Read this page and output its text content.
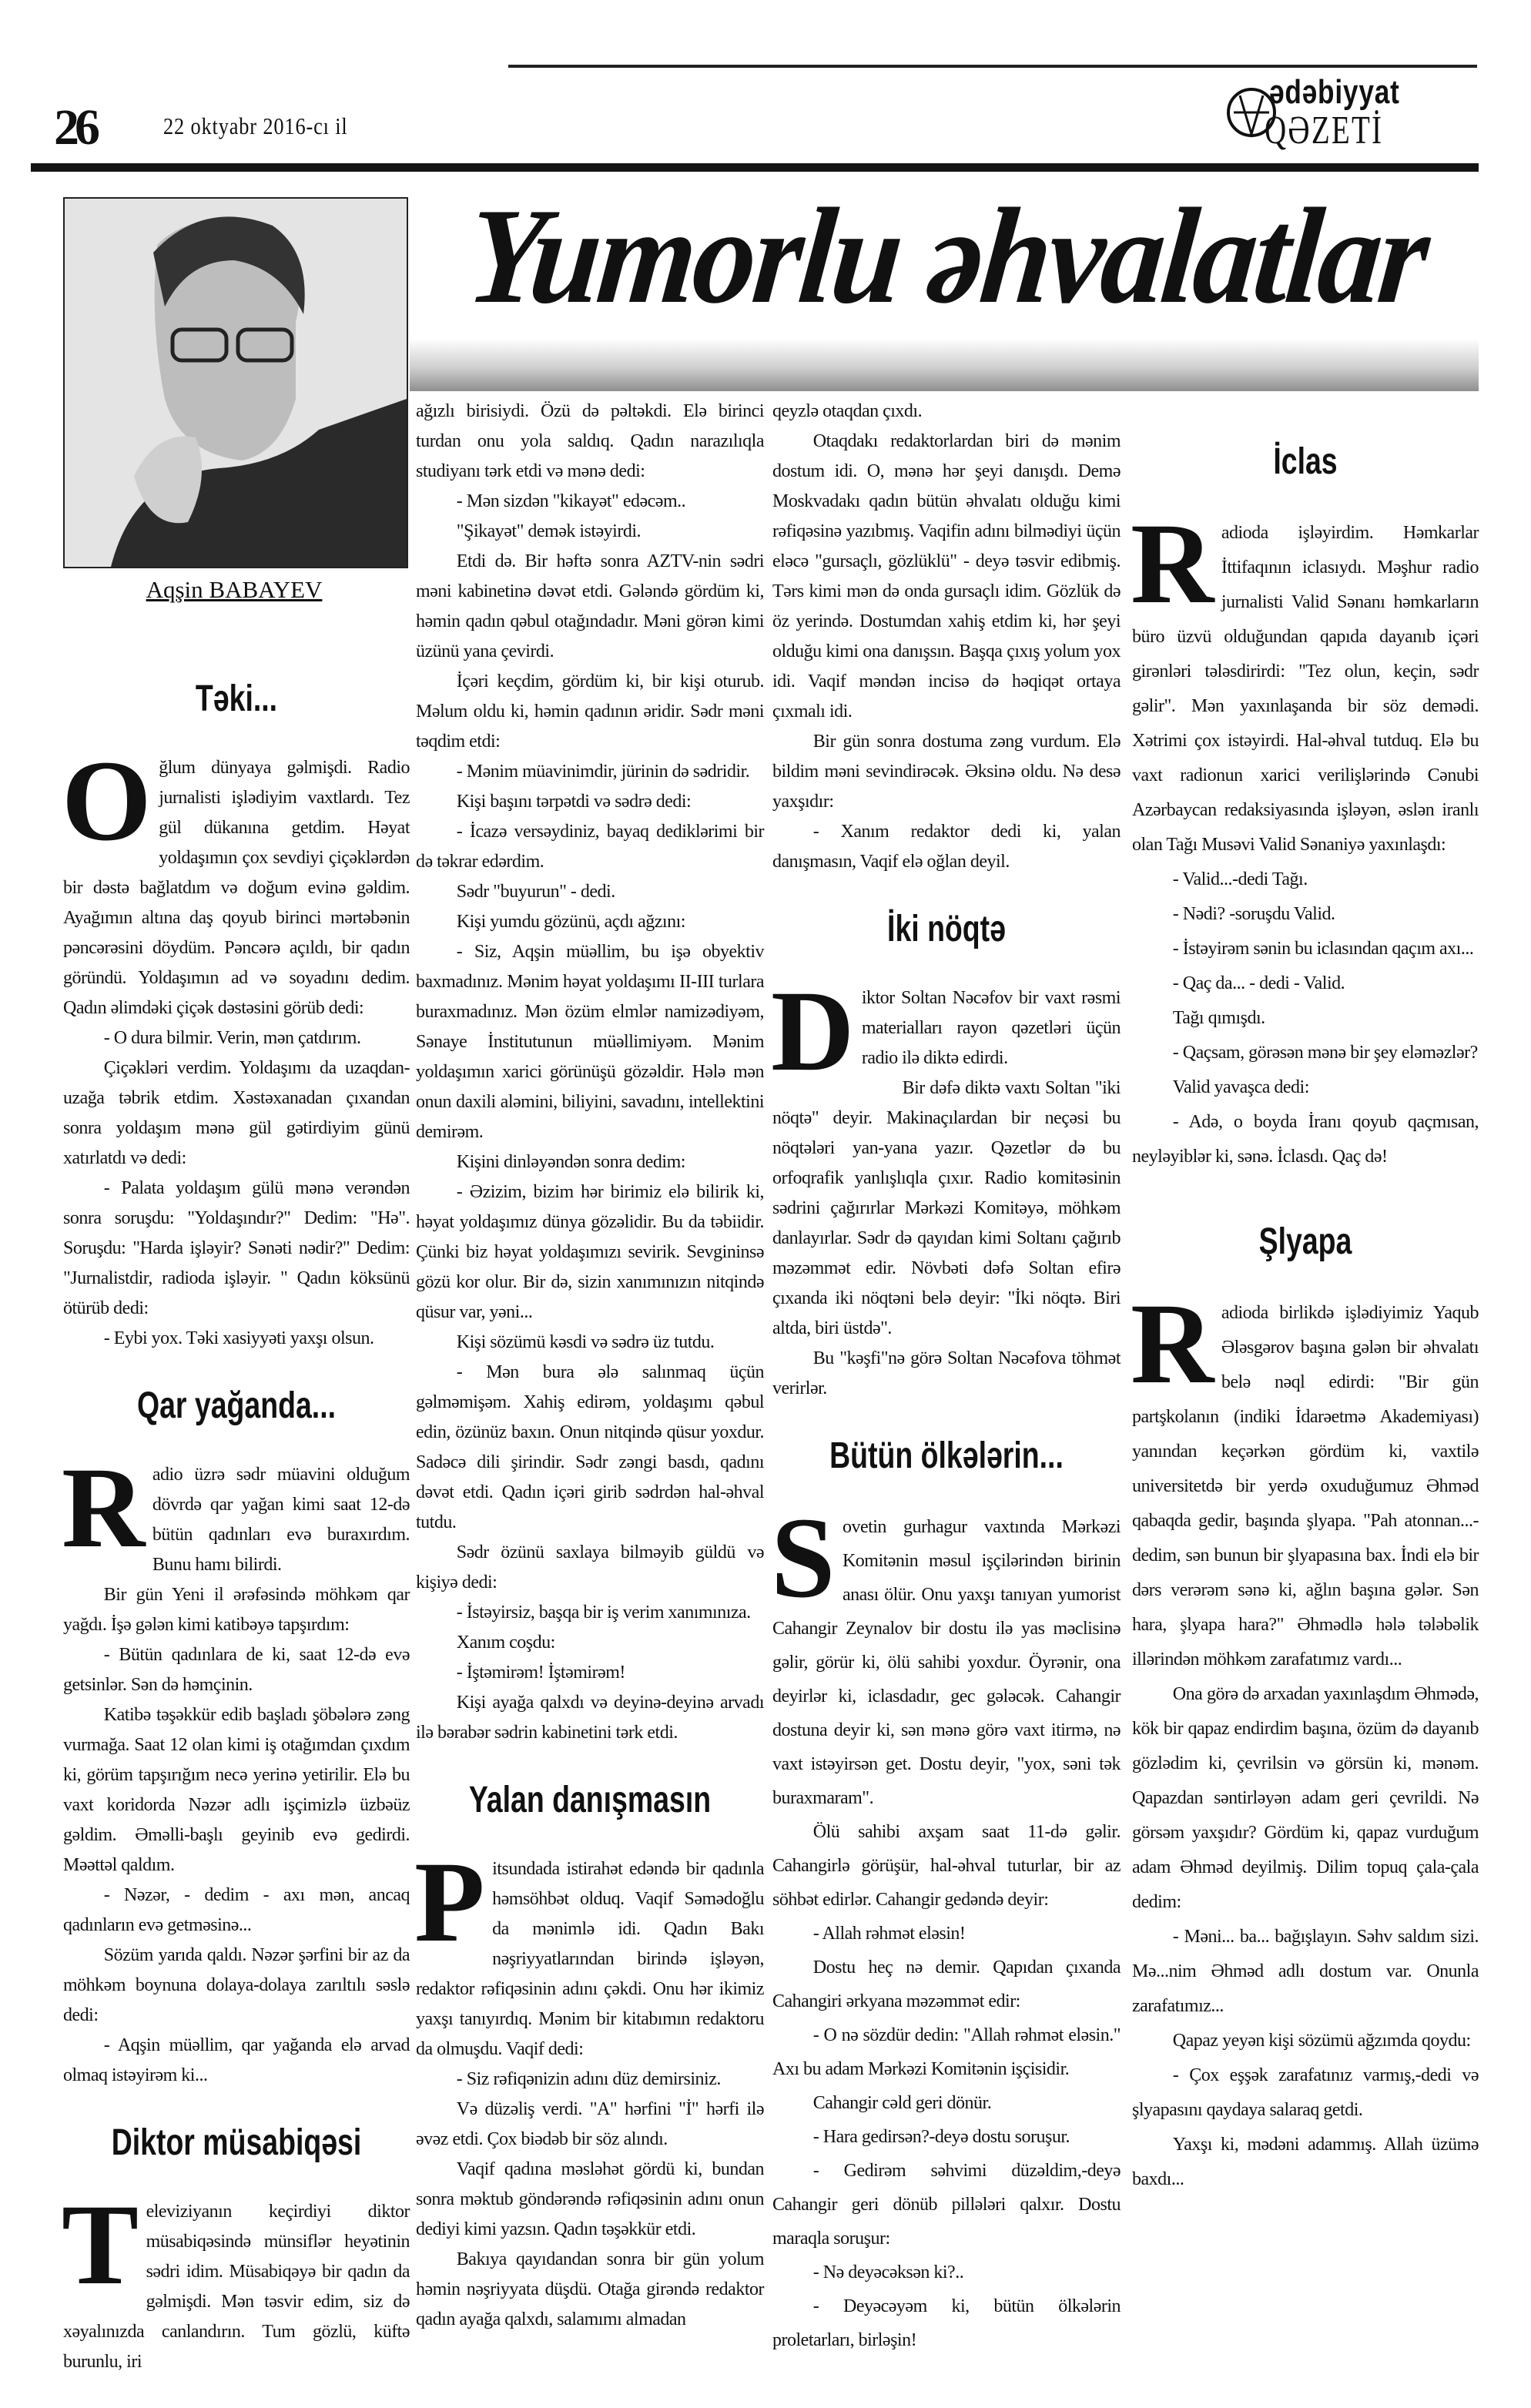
26	22 oktyabr 2016-cı il
ədəbiyyat
QƏZETİ
Aqşin BABAYEV
Yumorlu əhvalatlar
Təki...

Oğlum dünyaya gəlmişdi. Radio jurnalisti işlədiyim vaxtlardı. Tez gül dükanına getdim. Həyat yoldaşımın çox sevdiyi çiçəklərdən bir dəstə bağlatdım və doğum evinə gəldim. Ayağımın altına daş qoyub birinci mərtəbənin pəncərəsini döydüm. Pəncərə açıldı, bir qadın göründü. Yoldaşımın ad və soyadını dedim. Qadın əlimdəki çiçək dəstəsini görüb dedi:

- O dura bilmir. Verin, mən çatdırım.

Çiçəkləri verdim. Yoldaşımı da uzaqdan-uzağa təbrik etdim. Xəstəxanadan çıxandan sonra yoldaşım mənə gül gətirdiyim günü xatırlatdı və dedi:

- Palata yoldaşım gülü mənə verəndən sonra soruşdu: "Yoldaşındır?" Dedim: "Hə". Soruşdu: "Harda işləyir? Sənəti nədir?" Dedim: "Jurnalistdir, radioda işləyir. " Qadın köksünü ötürüb dedi:

- Eybi yox. Təki xasiyyəti yaxşı olsun.

Qar yağanda...

Radio üzrə sədr müavini olduğum dövrdə qar yağan kimi saat 12-də bütün qadınları evə buraxırdım. Bunu hamı bilirdi.

Bir gün Yeni il ərəfəsində möhkəm qar yağdı. İşə gələn kimi katibəyə tapşırdım:

- Bütün qadınlara de ki, saat 12-də evə getsinlər. Sən də həmçinin.

Katibə təşəkkür edib başladı şöbələrə zəng vurmağa. Saat 12 olan kimi iş otağımdan çıxdım ki, görüm tapşırığım necə yerinə yetirilir. Elə bu vaxt koridorda Nəzər adlı işçimizlə üzbəüz gəldim. Əməlli-başlı geyinib evə gedirdi. Məəttəl qaldım.

- Nəzər, - dedim - axı mən, ancaq qadınların evə getməsinə...

Sözüm yarıda qaldı. Nəzər şərfini bir az da möhkəm boynuna dolaya-dolaya zarıltılı səslə dedi:

- Aqşin müəllim, qar yağanda elə arvad olmaq istəyirəm ki...

Diktor müsabiqəsi

Televiziyanın keçirdiyi diktor müsabiqəsində münsiflər heyətinin sədri idim. Müsabiqəyə bir qadın da gəlmişdi. Mən təsvir edim, siz də xəyalınızda canlandırın. Tum gözlü, küftə burunlu, iri

ağızlı birisiydi. Özü də pəltəkdi. Elə birinci turdan onu yola saldıq. Qadın narazılıqla studiyanı tərk etdi və mənə dedi:

- Mən sizdən "kikayət" edəcəm..

"Şikayət" demək istəyirdi.

Etdi də. Bir həftə sonra AZTV-nin sədri məni kabinetinə dəvət etdi. Gələndə gördüm ki, həmin qadın qəbul otağındadır. Məni görən kimi üzünü yana çevirdi.

İçəri keçdim, gördüm ki, bir kişi oturub. Məlum oldu ki, həmin qadının əridir. Sədr məni təqdim etdi:

- Mənim müavinimdir, jürinin də sədridir.

Kişi başını tərpətdi və sədrə dedi:

- İcazə versəydiniz, bayaq dediklərimi bir də təkrar edərdim.

Sədr "buyurun" - dedi.

Kişi yumdu gözünü, açdı ağzını:

- Siz, Aqşin müəllim, bu işə obyektiv baxmadınız. Mənim həyat yoldaşımı II-III turlara buraxmadınız. Mən özüm elmlər namizədiyəm, Sənaye İnstitutunun müəllimiyəm. Mənim yoldaşımın xarici görünüşü gözəldir. Hələ mən onun daxili aləmini, biliyini, savadını, intellektini demirəm.

Kişini dinləyəndən sonra dedim:

- Əzizim, bizim hər birimiz elə bilirik ki, həyat yoldaşımız dünya gözəlidir. Bu da təbiidir. Çünki biz həyat yoldaşımızı sevirik. Sevgininsə gözü kor olur. Bir də, sizin xanımınızın nitqində qüsur var, yəni...

Kişi sözümü kəsdi və sədrə üz tutdu.

- Mən bura ələ salınmaq üçün gəlməmişəm. Xahiş edirəm, yoldaşımı qəbul edin, özünüz baxın. Onun nitqində qüsur yoxdur. Sadəcə dili şirindir. Sədr zəngi basdı, qadını dəvət etdi. Qadın içəri girib sədrdən hal-əhval tutdu.

Sədr özünü saxlaya bilməyib güldü və kişiyə dedi:

- İstəyirsiz, başqa bir iş verim xanımınıza.

Xanım coşdu:

- İştəmirəm! İştəmirəm!

Kişi ayağa qalxdı və deyinə-deyinə arvadı ilə bərabər sədrin kabinetini tərk etdi.

Yalan danışmasın

Pitsundada istirahət edəndə bir qadınla həmsöhbət olduq. Vaqif Səmədoğlu da mənimlə idi. Qadın Bakı nəşriyyatlarından birində işləyən, redaktor rəfiqəsinin adını çəkdi. Onu hər ikimiz yaxşı tanıyırdıq. Mənim bir kitabımın redaktoru da olmuşdu. Vaqif dedi:

- Siz rəfiqənizin adını düz demirsiniz.

Və düzəliş verdi. "A" hərfini "İ" hərfi ilə əvəz etdi. Çox biədəb bir söz alındı.

Vaqif qadına məsləhət gördü ki, bundan sonra məktub göndərəndə rəfiqəsinin adını onun dediyi kimi yazsın. Qadın təşəkkür etdi.

Bakıya qayıdandan sonra bir gün yolum həmin nəşriyyata düşdü. Otağa girəndə redaktor qadın ayağa qalxdı, salamımı almadan

qeyzlə otaqdan çıxdı.

Otaqdakı redaktorlardan biri də mənim dostum idi. O, mənə hər şeyi danışdı. Demə Moskvadakı qadın bütün əhvalatı olduğu kimi rəfiqəsinə yazıbmış. Vaqifin adını bilmədiyi üçün eləcə "gursaçlı, gözlüklü" - deyə təsvir edibmiş. Tərs kimi mən də onda gursaçlı idim. Gözlük də öz yerində. Dostumdan xahiş etdim ki, hər şeyi olduğu kimi ona danışsın. Başqa çıxış yolum yox idi. Vaqif məndən incisə də həqiqət ortaya çıxmalı idi.

Bir gün sonra dostuma zəng vurdum. Elə bildim məni sevindirəcək. Əksinə oldu. Nə desə yaxşıdır:

- Xanım redaktor dedi ki, yalan danışmasın, Vaqif elə oğlan deyil.

İki nöqtə

Diktor Soltan Nəcəfov bir vaxt rəsmi materialları rayon qəzetləri üçün radio ilə diktə edirdi.

Bir dəfə diktə vaxtı Soltan "iki nöqtə" deyir. Makinaçılardan bir neçəsi bu nöqtələri yan-yana yazır. Qəzetlər də bu orfoqrafik yanlışlıqla çıxır. Radio komitəsinin sədrini çağırırlar Mərkəzi Komitəyə, möhkəm danlayırlar. Sədr də qayıdan kimi Soltanı çağırıb məzəmmət edir. Növbəti dəfə Soltan efirə çıxanda iki nöqtəni belə deyir: "İki nöqtə. Biri altda, biri üstdə".

Bu "kəşfi"nə görə Soltan Nəcəfova töhmət verirlər.

Bütün ölkələrin...

Sovetin gurhagur vaxtında Mərkəzi Komitənin məsul işçilərindən birinin anası ölür. Onu yaxşı tanıyan yumorist Cahangir Zeynalov bir dostu ilə yas məclisinə gəlir, görür ki, ölü sahibi yoxdur. Öyrənir, ona deyirlər ki, iclasdadır, gec gələcək. Cahangir dostuna deyir ki, sən mənə görə vaxt itirmə, nə vaxt istəyirsən get. Dostu deyir, "yox, səni tək buraxmaram".

Ölü sahibi axşam saat 11-də gəlir. Cahangirlə görüşür, hal-əhval tuturlar, bir az söhbət edirlər. Cahangir gedəndə deyir:

- Allah rəhmət eləsin!

Dostu heç nə demir. Qapıdan çıxanda Cahangiri ərkyana məzəmmət edir:

- O nə sözdür dedin: "Allah rəhmət eləsin." Axı bu adam Mərkəzi Komitənin işçisidir.

Cahangir cəld geri dönür.

- Hara gedirsən?-deyə dostu soruşur.

- Gedirəm səhvimi düzəldim,-deyə Cahangir geri dönüb pillələri qalxır. Dostu maraqla soruşur:

- Nə deyəcəksən ki?..

- Deyəcəyəm ki, bütün ölkələrin proletarları, birləşin!

İclas

Radioda işləyirdim. Həmkarlar İttifaqının iclasıydı. Məşhur radio jurnalisti Valid Sənanı həmkarların büro üzvü olduğundan qapıda dayanıb içəri girənləri tələsdirirdi: "Tez olun, keçin, sədr gəlir". Mən yaxınlaşanda bir söz demədi. Xətrimi çox istəyirdi. Hal-əhval tutduq. Elə bu vaxt radionun xarici verilişlərində Cənubi Azərbaycan redaksiyasında işləyən, əslən iranlı olan Tağı Musəvi Valid Sənaniyə yaxınlaşdı:

- Valid...-dedi Tağı.

- Nədi? -soruşdu Valid.

- İstəyirəm sənin bu iclasından qaçım axı...

- Qaç da... - dedi - Valid.

Tağı qımışdı.

- Qaçsam, görəsən mənə bir şey eləməzlər?

Valid yavaşca dedi:

- Adə, o boyda İranı qoyub qaçmısan, neyləyiblər ki, sənə. İclasdı. Qaç də!

Şlyapa

Radioda birlikdə işlədiyimiz Yaqub Ələsgərov başına gələn bir əhvalatı belə nəql edirdi: "Bir gün partşkolanın (indiki İdarəetmə Akademiyası) yanından keçərkən gördüm ki, vaxtilə universitetdə bir yerdə oxuduğumuz Əhməd qabaqda gedir, başında şlyapa. "Pah atonnan...-dedim, sən bunun bir şlyapasına bax. İndi elə bir dərs verərəm sənə ki, ağlın başına gələr. Sən hara, şlyapa hara?" Əhmədlə hələ tələbəlik illərindən möhkəm zarafatımız vardı...

Ona görə də arxadan yaxınlaşdım Əhmədə, kök bir qapaz endirdim başına, özüm də dayanıb gözlədim ki, çevrilsin və görsün ki, mənəm. Qapazdan səntirləyən adam geri çevrildi. Nə görsəm yaxşıdır? Gördüm ki, qapaz vurduğum adam Əhməd deyilmiş. Dilim topuq çala-çala dedim:

- Məni... ba... bağışlayın. Səhv saldım sizi. Mə...nim Əhməd adlı dostum var. Onunla zarafatımız...

Qapaz yeyən kişi sözümü ağzımda qoydu:

- Çox eşşək zarafatınız varmış,-dedi və şlyapasını qaydaya salaraq getdi.

Yaxşı ki, mədəni adammış. Allah üzümə baxdı...
